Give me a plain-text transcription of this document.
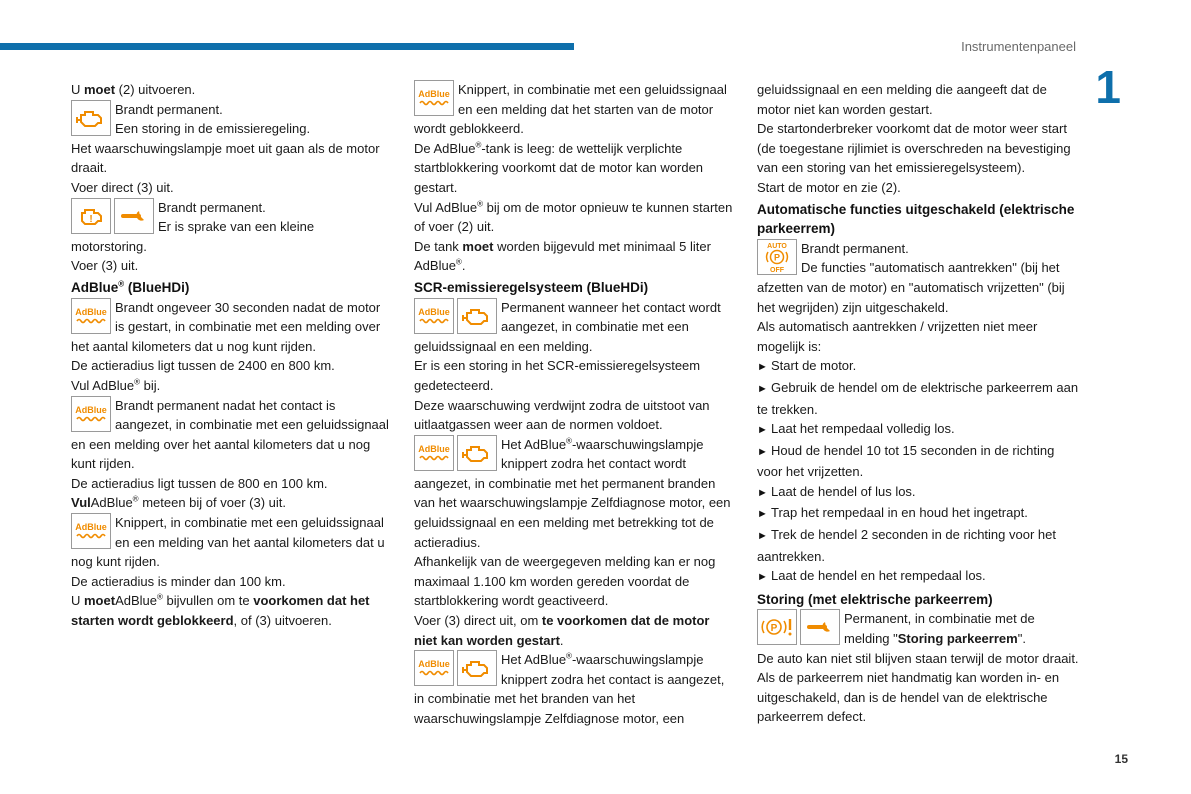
Instrumentenpaneel
1
15

U moet (2) uitvoeren.

Brandt permanent.

Een storing in de emissieregeling.

Het waarschuwingslampje moet uit gaan als de motor draait.

Voer direct (3) uit.

!

Brandt permanent.

Er is sprake van een kleine

motorstoring.

Voer (3) uit.

AdBlue® (BlueHDi)
AdBlue Brandt ongeveer 30 seconden nadat de motor

is gestart, in combinatie met een melding over

het aantal kilometers dat u nog kunt rijden.

De actieradius ligt tussen de 2400 en 800 km.

Vul AdBlue® bij.

AdBlue Brandt permanent nadat het contact is

aangezet, in combinatie met een geluidssignaal

en een melding over het aantal kilometers dat u nog kunt rijden.

De actieradius ligt tussen de 800 en 100 km.

VulAdBlue® meteen bij of voer (3) uit.

AdBlue Knippert, in combinatie met een geluidssignaal

en een melding van het aantal kilometers dat u

nog kunt rijden.

De actieradius is minder dan 100 km.

U moetAdBlue® bijvullen om te voorkomen dat het starten wordt geblokkeerd, of (3) uitvoeren.

AdBlue Knippert, in combinatie met een geluidssignaal

en een melding dat het starten van de motor

wordt geblokkeerd.

De AdBlue®-tank is leeg: de wettelijk verplichte startblokkering voorkomt dat de motor kan worden gestart.

Vul AdBlue® bij om de motor opnieuw te kunnen starten of voer (2) uit.

De tank moet worden bijgevuld met minimaal 5 liter AdBlue®.

SCR-emissieregelsysteem (BlueHDi)
AdBlue	Permanent wanneer het contact wordt

aangezet, in combinatie met een

geluidssignaal en een melding.

Er is een storing in het SCR-emissieregelsysteem gedetecteerd.

Deze waarschuwing verdwijnt zodra de uitstoot van uitlaatgassen weer aan de normen voldoet.

AdBlue	Het AdBlue®-waarschuwingslampje

knippert zodra het contact wordt

aangezet, in combinatie met het permanent branden van het waarschuwingslampje Zelfdiagnose motor, een geluidssignaal en een melding met betrekking tot de actieradius.

Afhankelijk van de weergegeven melding kan er nog maximaal 1.100 km worden gereden voordat de startblokkering wordt geactiveerd.

Voer (3) direct uit, om te voorkomen dat de motor niet kan worden gestart.

AdBlue	Het AdBlue®-waarschuwingslampje

knippert zodra het contact is aangezet,

in combinatie met het branden van het waarschuwingslampje Zelfdiagnose motor, een

geluidssignaal en een melding die aangeeft dat de motor niet kan worden gestart.

De startonderbreker voorkomt dat de motor weer start (de toegestane rijlimiet is overschreden na bevestiging van een storing van het emissieregelsysteem).

Start de motor en zie (2).

Automatische functies uitgeschakeld (elektrische parkeerrem)
AUTO
P
OFF

Brandt permanent.

De functies "automatisch aantrekken" (bij het

afzetten van de motor) en "automatisch vrijzetten" (bij het wegrijden) zijn uitgeschakeld.

Als automatisch aantrekken / vrijzetten niet meer mogelijk is:

► Start de motor.

► Gebruik de hendel om de elektrische parkeerrem aan te trekken.

► Laat het rempedaal volledig los.

► Houd de hendel 10 tot 15 seconden in de richting voor het vrijzetten.

► Laat de hendel of lus los.

► Trap het rempedaal in en houd het ingetrapt.

► Trek de hendel 2 seconden in de richting voor het aantrekken.

► Laat de hendel en het rempedaal los.

Storing (met elektrische parkeerrem)
P

Permanent, in combinatie met de

melding "Storing parkeerrem".

De auto kan niet stil blijven staan terwijl de motor draait.

Als de parkeerrem niet handmatig kan worden in- en uitgeschakeld, dan is de hendel van de elektrische parkeerrem defect.
